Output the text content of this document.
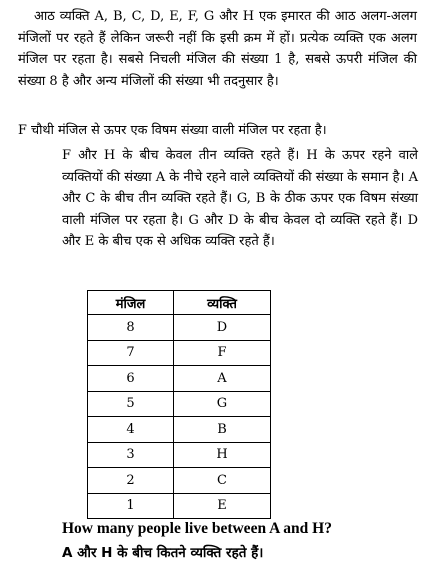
आठ व्यक्ति A, B, C, D, E, F, G और H एक इमारत की आठ अलग-अलग मंजिलों पर रहते हैं लेकिन जरूरी नहीं कि इसी क्रम में हों। प्रत्येक व्यक्ति एक अलग मंजिल पर रहता है। सबसे निचली मंजिल की संख्या 1 है, सबसे ऊपरी मंजिल की संख्या 8 है और अन्य मंजिलों की संख्या भी तदनुसार है।
F चौथी मंजिल से ऊपर एक विषम संख्या वाली मंजिल पर रहता है।
F और H के बीच केवल तीन व्यक्ति रहते हैं। H के ऊपर रहने वाले व्यक्तियों की संख्या A के नीचे रहने वाले व्यक्तियों की संख्या के समान है। A और C के बीच तीन व्यक्ति रहते हैं। G, B के ठीक ऊपर एक विषम संख्या वाली मंजिल पर रहता है। G और D के बीच केवल दो व्यक्ति रहते हैं। D और E के बीच एक से अधिक व्यक्ति रहते हैं।
मंजिल	व्यक्ति
8	D
7	F
6	A
5	G
4	B
3	H
2	C
1	E
How many people live between A and H?
A और H के बीच कितने व्यक्ति रहते हैं।
